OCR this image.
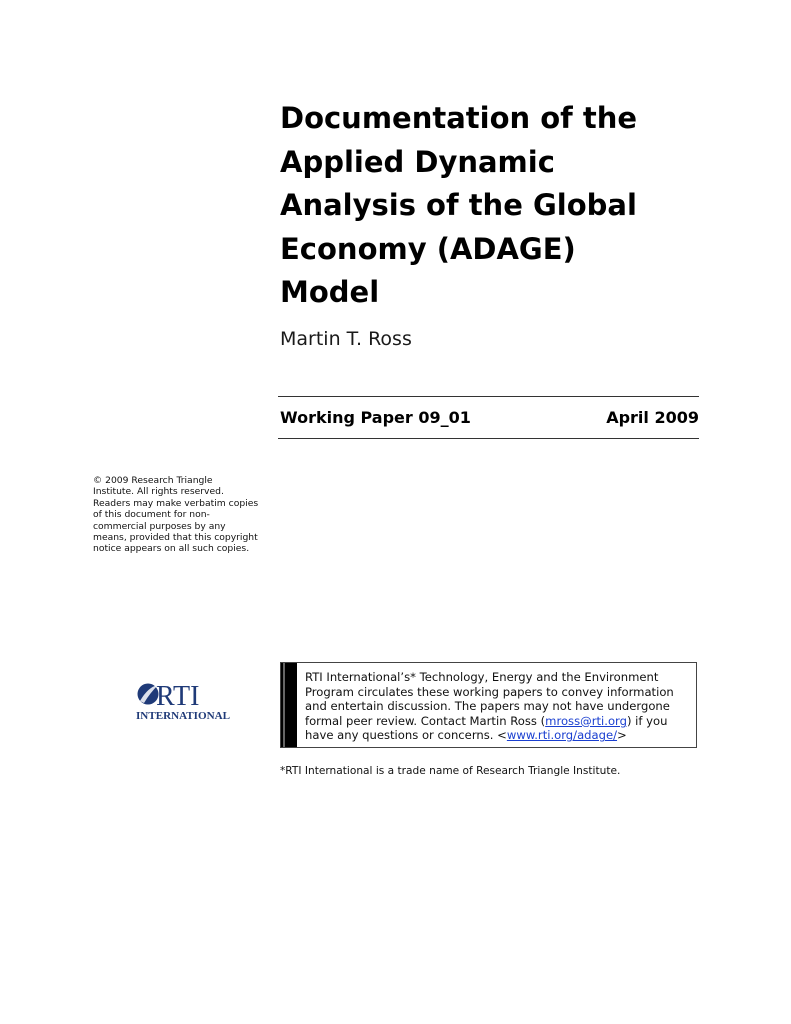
Documentation of the
Applied Dynamic
Analysis of the Global
Economy (ADAGE)
Model
Martin T. Ross
Working Paper 09_01	April 2009
© 2009 Research Triangle
Institute. All rights reserved.
Readers may make verbatim copies
of this document for non-
commercial purposes by any
means, provided that this copyright
notice appears on all such copies.
RTI
INTERNATIONAL
RTI International’s* Technology, Energy and the Environment
Program circulates these working papers to convey information
and entertain discussion. The papers may not have undergone
formal peer review. Contact Martin Ross (mross@rti.org) if you
have any questions or concerns. <www.rti.org/adage/>
*RTI International is a trade name of Research Triangle Institute.
